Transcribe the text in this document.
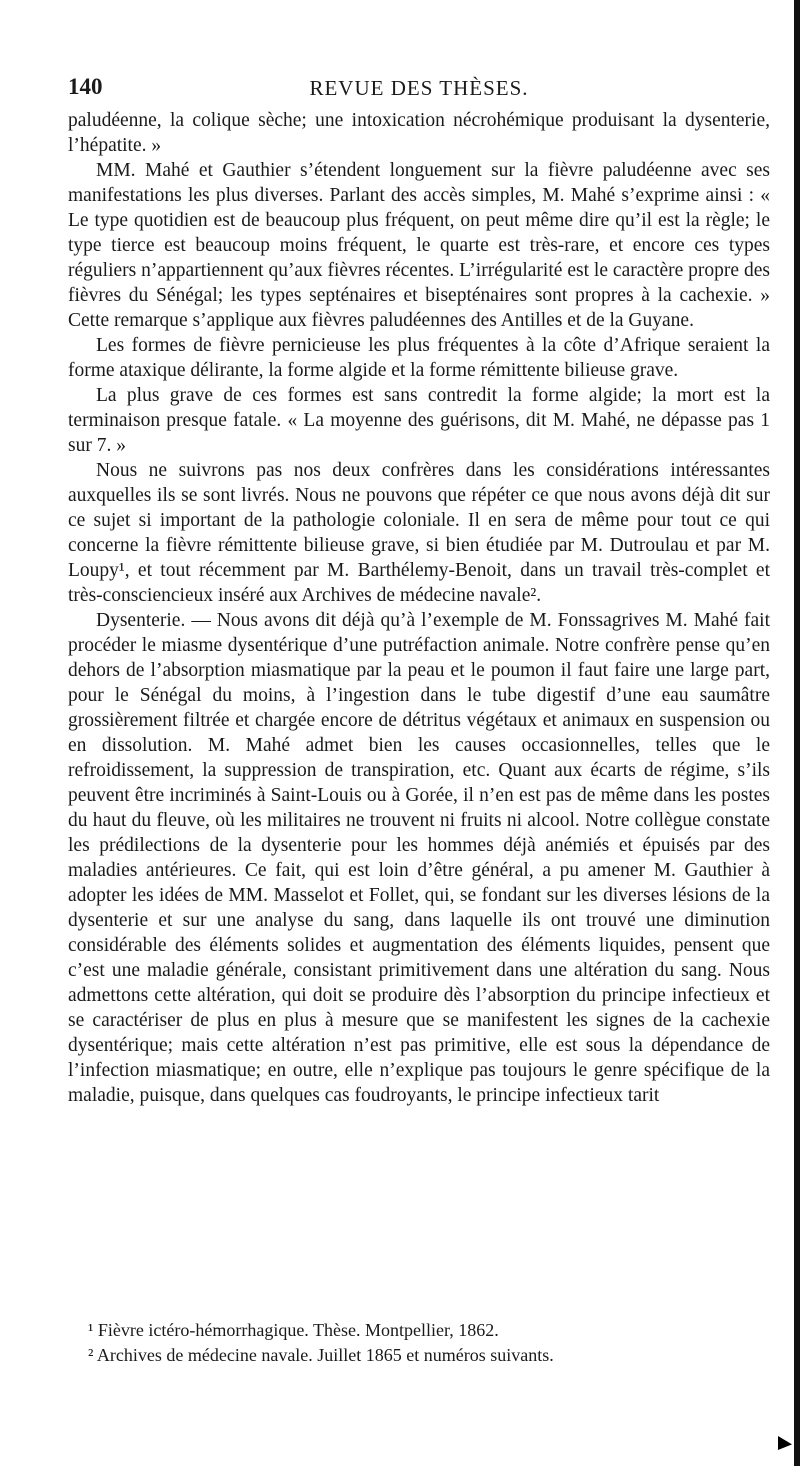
140	REVUE DES THÈSES.

paludéenne, la colique sèche; une intoxication nécrohémique produisant la dysenterie, l’hépatite. »

MM. Mahé et Gauthier s’étendent longuement sur la fièvre paludéenne avec ses manifestations les plus diverses. Parlant des accès simples, M. Mahé s’exprime ainsi : « Le type quotidien est de beaucoup plus fréquent, on peut même dire qu’il est la règle; le type tierce est beaucoup moins fréquent, le quarte est très-rare, et encore ces types réguliers n’appartiennent qu’aux fièvres récentes. L’irrégularité est le caractère propre des fièvres du Sénégal; les types septénaires et bisepténaires sont propres à la cachexie. » Cette remarque s’applique aux fièvres paludéennes des Antilles et de la Guyane.

Les formes de fièvre pernicieuse les plus fréquentes à la côte d’Afrique seraient la forme ataxique délirante, la forme algide et la forme rémittente bilieuse grave.

La plus grave de ces formes est sans contredit la forme algide; la mort est la terminaison presque fatale. « La moyenne des guérisons, dit M. Mahé, ne dépasse pas 1 sur 7. »

Nous ne suivrons pas nos deux confrères dans les considérations intéressantes auxquelles ils se sont livrés. Nous ne pouvons que répéter ce que nous avons déjà dit sur ce sujet si important de la pathologie coloniale. Il en sera de même pour tout ce qui concerne la fièvre rémittente bilieuse grave, si bien étudiée par M. Dutroulau et par M. Loupy¹, et tout récemment par M. Barthélemy-Benoit, dans un travail très-complet et très-consciencieux inséré aux Archives de médecine navale².

Dysenterie. — Nous avons dit déjà qu’à l’exemple de M. Fonssagrives M. Mahé fait procéder le miasme dysentérique d’une putréfaction animale. Notre confrère pense qu’en dehors de l’absorption miasmatique par la peau et le poumon il faut faire une large part, pour le Sénégal du moins, à l’ingestion dans le tube digestif d’une eau saumâtre grossièrement filtrée et chargée encore de détritus végétaux et animaux en suspension ou en dissolution. M. Mahé admet bien les causes occasionnelles, telles que le refroidissement, la suppression de transpiration, etc. Quant aux écarts de régime, s’ils peuvent être incriminés à Saint-Louis ou à Gorée, il n’en est pas de même dans les postes du haut du fleuve, où les militaires ne trouvent ni fruits ni alcool. Notre collègue constate les prédilections de la dysenterie pour les hommes déjà anémiés et épuisés par des maladies antérieures. Ce fait, qui est loin d’être général, a pu amener M. Gauthier à adopter les idées de MM. Masselot et Follet, qui, se fondant sur les diverses lésions de la dysenterie et sur une analyse du sang, dans laquelle ils ont trouvé une diminution considérable des éléments solides et augmentation des éléments liquides, pensent que c’est une maladie générale, consistant primitivement dans une altération du sang. Nous admettons cette altération, qui doit se produire dès l’absorption du principe infectieux et se caractériser de plus en plus à mesure que se manifestent les signes de la cachexie dysentérique; mais cette altération n’est pas primitive, elle est sous la dépendance de l’infection miasmatique; en outre, elle n’explique pas toujours le genre spécifique de la maladie, puisque, dans quelques cas foudroyants, le principe infectieux tarit

¹ Fièvre ictéro-hémorrhagique. Thèse. Montpellier, 1862.

² Archives de médecine navale. Juillet 1865 et numéros suivants.
